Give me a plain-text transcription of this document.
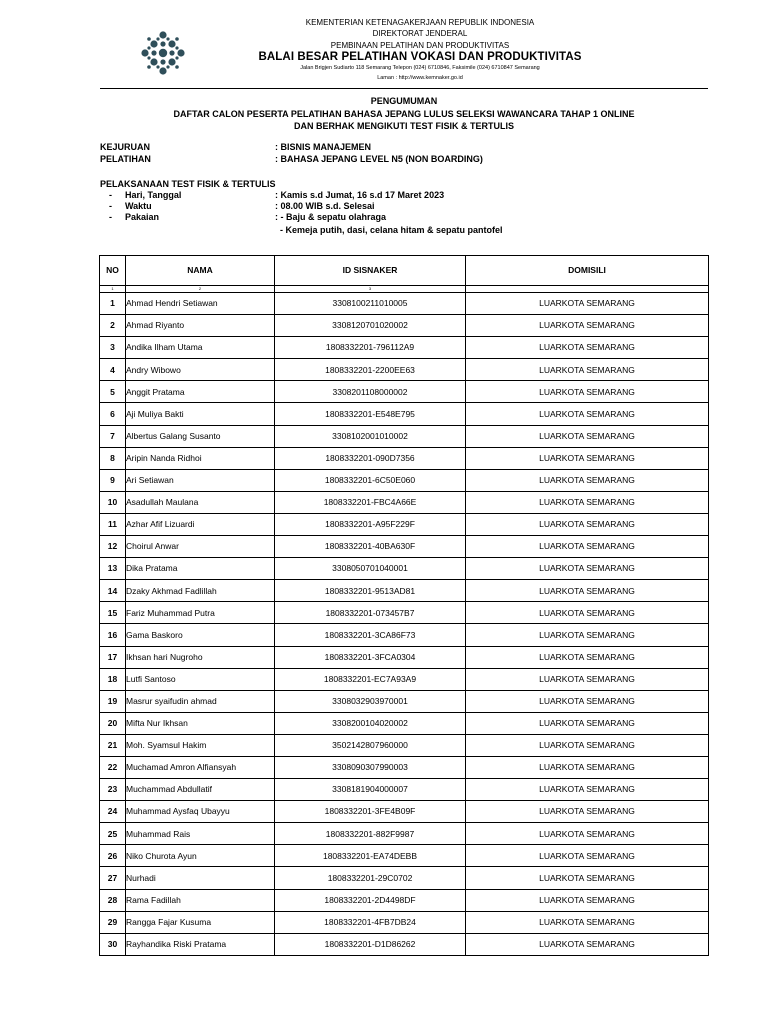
KEMENTERIAN KETENAGAKERJAAN REPUBLIK INDONESIA
DIREKTORAT JENDERAL
PEMBINAAN PELATIHAN DAN PRODUKTIVITAS
BALAI BESAR PELATIHAN VOKASI DAN PRODUKTIVITAS
Jalan Brigjen Sudiarto 118 Semarang Telepon (024) 6710846, Faksimile (024) 6710847 Semarang
Laman : http://www.kemnaker.go.id
PENGUMUMAN
DAFTAR CALON PESERTA PELATIHAN BAHASA JEPANG LULUS SELEKSI WAWANCARA TAHAP 1 ONLINE
DAN BERHAK MENGIKUTI TEST FISIK & TERTULIS
KEJURUAN	: BISNIS MANAJEMEN
PELATIHAN	: BAHASA JEPANG LEVEL N5 (NON BOARDING)
PELAKSANAAN TEST FISIK & TERTULIS
- Hari, Tanggal	: Kamis s.d Jumat, 16 s.d 17 Maret 2023
- Waktu	: 08.00 WIB s.d. Selesai
- Pakaian	: - Baju & sepatu olahraga
- Kemeja putih, dasi, celana hitam & sepatu pantofel
NO	NAMA	ID SISNAKER	DOMISILI
1	2	3	
1	Ahmad Hendri Setiawan	3308100211010005	LUARKOTA SEMARANG
2	Ahmad Riyanto	3308120701020002	LUARKOTA SEMARANG
3	Andika Ilham Utama	1808332201-796112A9	LUARKOTA SEMARANG
4	Andry Wibowo	1808332201-2200EE63	LUARKOTA SEMARANG
5	Anggit Pratama	3308201108000002	LUARKOTA SEMARANG
6	Aji Muliya Bakti	1808332201-E548E795	LUARKOTA SEMARANG
7	Albertus Galang Susanto	3308102001010002	LUARKOTA SEMARANG
8	Aripin Nanda Ridhoi	1808332201-090D7356	LUARKOTA SEMARANG
9	Ari Setiawan	1808332201-6C50E060	LUARKOTA SEMARANG
10	Asadullah Maulana	1808332201-FBC4A66E	LUARKOTA SEMARANG
11	Azhar Afif Lizuardi	1808332201-A95F229F	LUARKOTA SEMARANG
12	Choirul Anwar	1808332201-40BA630F	LUARKOTA SEMARANG
13	Dika Pratama	3308050701040001	LUARKOTA SEMARANG
14	Dzaky Akhmad Fadlillah	1808332201-9513AD81	LUARKOTA SEMARANG
15	Fariz Muhammad Putra	1808332201-073457B7	LUARKOTA SEMARANG
16	Gama Baskoro	1808332201-3CA86F73	LUARKOTA SEMARANG
17	Ikhsan hari Nugroho	1808332201-3FCA0304	LUARKOTA SEMARANG
18	Lutfi Santoso	1808332201-EC7A93A9	LUARKOTA SEMARANG
19	Masrur syaifudin ahmad	3308032903970001	LUARKOTA SEMARANG
20	Mifta Nur Ikhsan	3308200104020002	LUARKOTA SEMARANG
21	Moh. Syamsul Hakim	3502142807960000	LUARKOTA SEMARANG
22	Muchamad Amron Alfiansyah	3308090307990003	LUARKOTA SEMARANG
23	Muchammad Abdullatif	3308181904000007	LUARKOTA SEMARANG
24	Muhammad Aysfaq Ubayyu	1808332201-3FE4B09F	LUARKOTA SEMARANG
25	Muhammad Rais	1808332201-882F9987	LUARKOTA SEMARANG
26	Niko Churota Ayun	1808332201-EA74DEBB	LUARKOTA SEMARANG
27	Nurhadi	1808332201-29C0702	LUARKOTA SEMARANG
28	Rama Fadillah	1808332201-2D4498DF	LUARKOTA SEMARANG
29	Rangga Fajar Kusuma	1808332201-4FB7DB24	LUARKOTA SEMARANG
30	Rayhandika Riski Pratama	1808332201-D1D86262	LUARKOTA SEMARANG
